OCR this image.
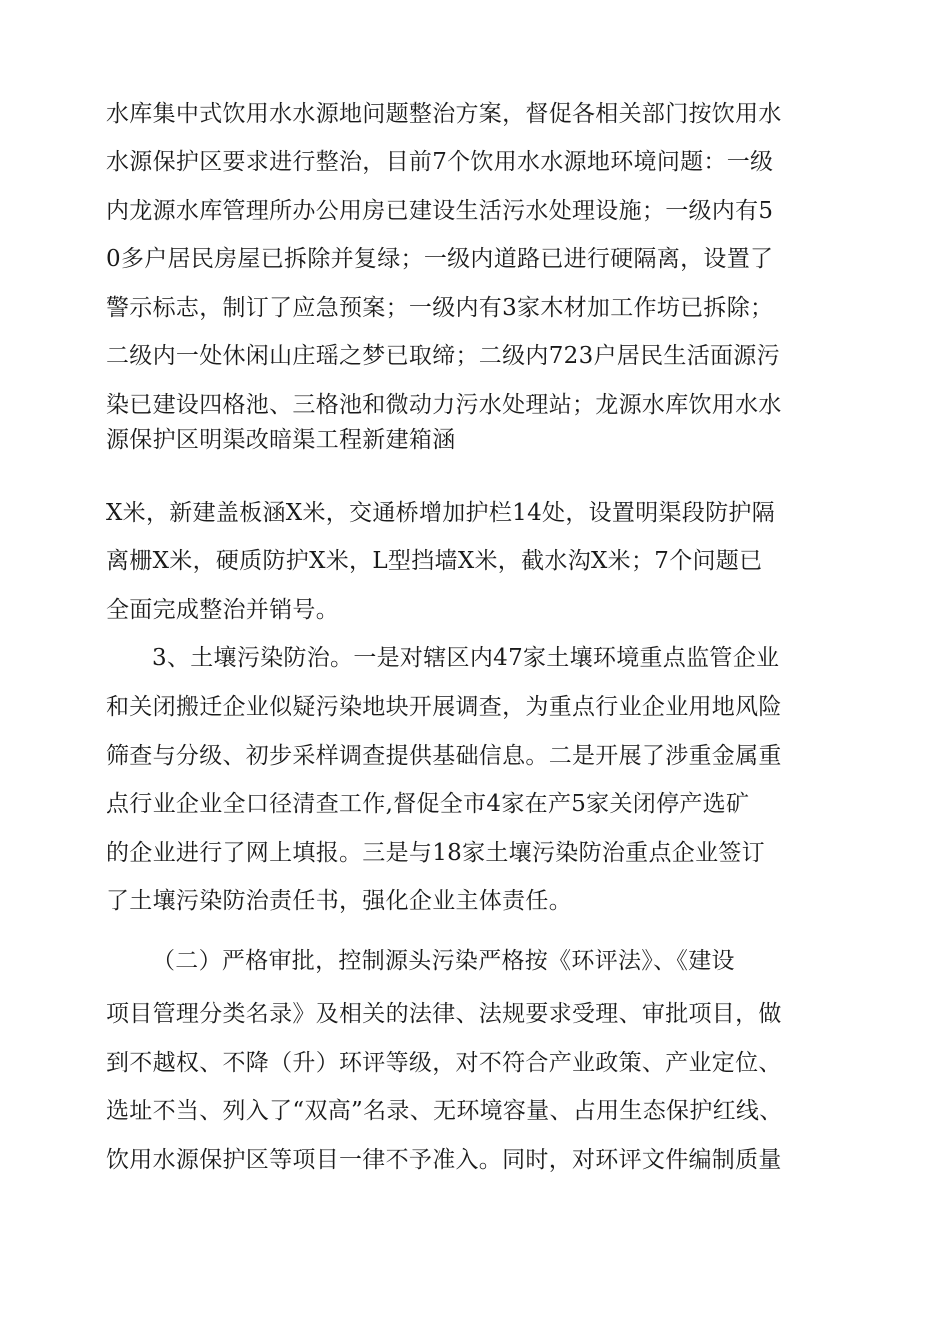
水库集中式饮用水水源地问题整治方案，督促各相关部门按饮用水
水源保护区要求进行整治，目前7个饮用水水源地环境问题：一级
内龙源水库管理所办公用房已建设生活污水处理设施；一级内有5
0多户居民房屋已拆除并复绿；一级内道路已进行硬隔离，设置了
警示标志，制订了应急预案；一级内有3家木材加工作坊已拆除；
二级内一处休闲山庄瑶之梦已取缔；二级内723户居民生活面源污
染已建设四格池、三格池和微动力污水处理站；龙源水库饮用水水
源保护区明渠改暗渠工程新建箱涵
X米，新建盖板涵X米，交通桥增加护栏14处，设置明渠段防护隔
离栅X米，硬质防护X米，L型挡墙X米，截水沟X米；7个问题已
全面完成整治并销号。
3、土壤污染防治。一是对辖区内47家土壤环境重点监管企业
和关闭搬迁企业似疑污染地块开展调查，为重点行业企业用地风险
筛查与分级、初步采样调查提供基础信息。二是开展了涉重金属重
点行业企业全口径清查工作,督促全市4家在产5家关闭停产选矿
的企业进行了网上填报。三是与18家土壤污染防治重点企业签订
了土壤污染防治责任书，强化企业主体责任。
（二）严格审批，控制源头污染严格按《环评法》、《建设
项目管理分类名录》及相关的法律、法规要求受理、审批项目，做
到不越权、不降（升）环评等级，对不符合产业政策、产业定位、
选址不当、列入了“双高”名录、无环境容量、占用生态保护红线、
饮用水源保护区等项目一律不予准入。同时，对环评文件编制质量
